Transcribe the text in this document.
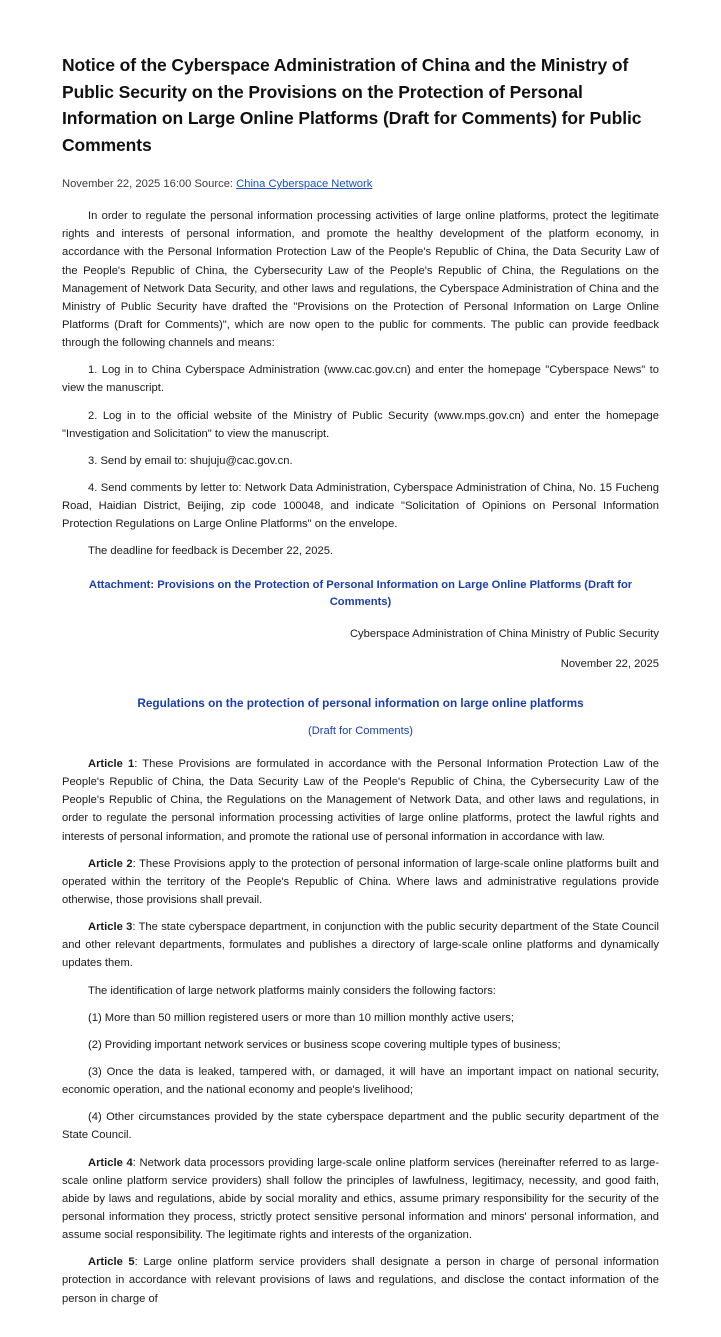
Notice of the Cyberspace Administration of China and the Ministry of Public Security on the Provisions on the Protection of Personal Information on Large Online Platforms (Draft for Comments) for Public Comments

November 22, 2025 16:00 Source: China Cyberspace Network

In order to regulate the personal information processing activities of large online platforms, protect the legitimate rights and interests of personal information, and promote the healthy development of the platform economy, in accordance with the Personal Information Protection Law of the People's Republic of China, the Data Security Law of the People's Republic of China, the Cybersecurity Law of the People's Republic of China, the Regulations on the Management of Network Data Security, and other laws and regulations, the Cyberspace Administration of China and the Ministry of Public Security have drafted the "Provisions on the Protection of Personal Information on Large Online Platforms (Draft for Comments)", which are now open to the public for comments. The public can provide feedback through the following channels and means:

1. Log in to China Cyberspace Administration (www.cac.gov.cn) and enter the homepage "Cyberspace News" to view the manuscript.

2. Log in to the official website of the Ministry of Public Security (www.mps.gov.cn) and enter the homepage "Investigation and Solicitation" to view the manuscript.

3. Send by email to: shujuju@cac.gov.cn.

4. Send comments by letter to: Network Data Administration, Cyberspace Administration of China, No. 15 Fucheng Road, Haidian District, Beijing, zip code 100048, and indicate "Solicitation of Opinions on Personal Information Protection Regulations on Large Online Platforms" on the envelope.

The deadline for feedback is December 22, 2025.

Attachment: Provisions on the Protection of Personal Information on Large Online Platforms (Draft for Comments)

Cyberspace Administration of China Ministry of Public Security

November 22, 2025

Regulations on the protection of personal information on large online platforms

(Draft for Comments)

Article 1: These Provisions are formulated in accordance with the Personal Information Protection Law of the People's Republic of China, the Data Security Law of the People's Republic of China, the Cybersecurity Law of the People's Republic of China, the Regulations on the Management of Network Data, and other laws and regulations, in order to regulate the personal information processing activities of large online platforms, protect the lawful rights and interests of personal information, and promote the rational use of personal information in accordance with law.

Article 2: These Provisions apply to the protection of personal information of large-scale online platforms built and operated within the territory of the People's Republic of China. Where laws and administrative regulations provide otherwise, those provisions shall prevail.

Article 3: The state cyberspace department, in conjunction with the public security department of the State Council and other relevant departments, formulates and publishes a directory of large-scale online platforms and dynamically updates them.

The identification of large network platforms mainly considers the following factors:

(1) More than 50 million registered users or more than 10 million monthly active users;

(2) Providing important network services or business scope covering multiple types of business;

(3) Once the data is leaked, tampered with, or damaged, it will have an important impact on national security, economic operation, and the national economy and people's livelihood;

(4) Other circumstances provided by the state cyberspace department and the public security department of the State Council.

Article 4: Network data processors providing large-scale online platform services (hereinafter referred to as large-scale online platform service providers) shall follow the principles of lawfulness, legitimacy, necessity, and good faith, abide by laws and regulations, abide by social morality and ethics, assume primary responsibility for the security of the personal information they process, strictly protect sensitive personal information and minors' personal information, and assume social responsibility. The legitimate rights and interests of the organization.

Article 5: Large online platform service providers shall designate a person in charge of personal information protection in accordance with relevant provisions of laws and regulations, and disclose the contact information of the person in charge of
